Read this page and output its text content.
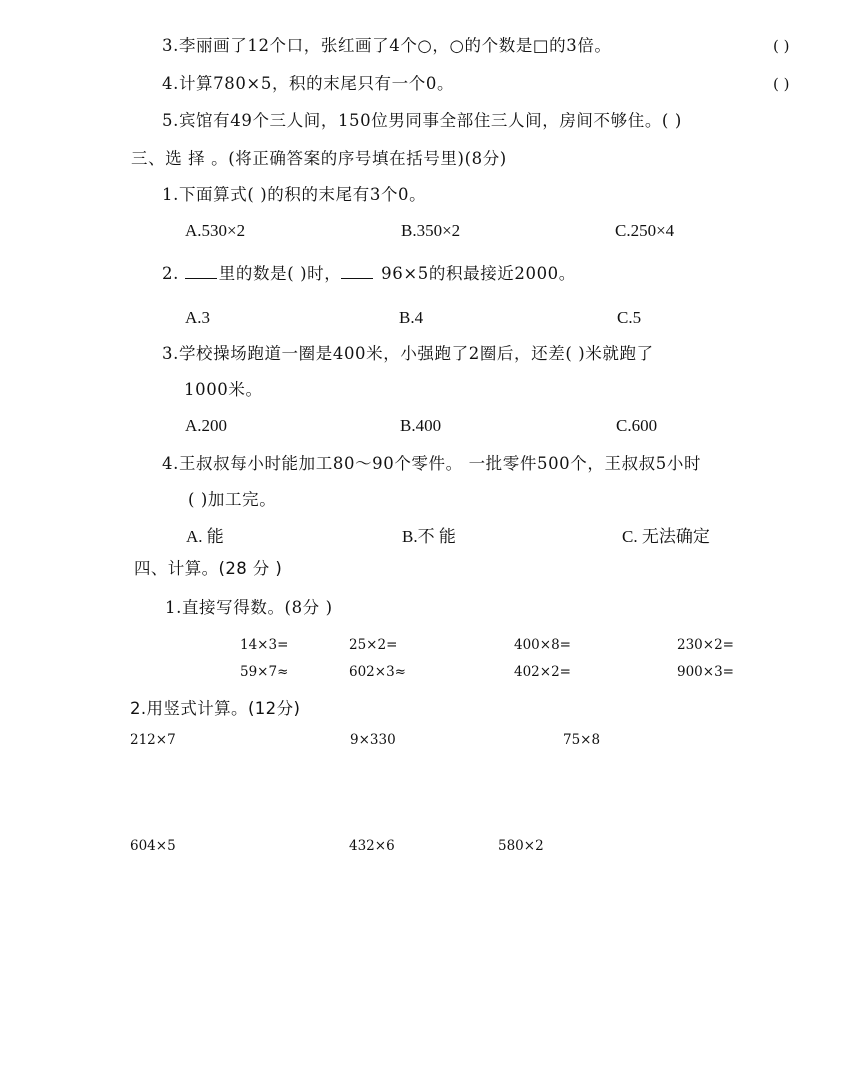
3.李丽画了12个口，张红画了4个○，○的个数是□的3倍。	( )
4.计算780×5，积的末尾只有一个0。	( )
5.宾馆有49个三人间，150位男同事全部住三人间，房间不够住。( )
三、选 择 。(将正确答案的序号填在括号里)(8分)
1.下面算式( )的积的末尾有3个0。
A.530×2	B.350×2	C.250×4
2. 里的数是( )时， 96×5的积最接近2000。
A.3	B.4	C.5
3.学校操场跑道一圈是400米，小强跑了2圈后，还差( )米就跑了
1000米。
A.200	B.400	C.600
4.王叔叔每小时能加工80～90个零件。 一批零件500个，王叔叔5小时
( )加工完。
A. 能	B.不 能	C. 无法确定
四、计算。(28 分 )
1.直接写得数。(8分 )
14×3=	25×2=	400×8=	230×2=
59×7≈	602×3≈	402×2=	900×3=
2.用竖式计算。(12分)
212×7	9×330	75×8
604×5	432×6	580×2
